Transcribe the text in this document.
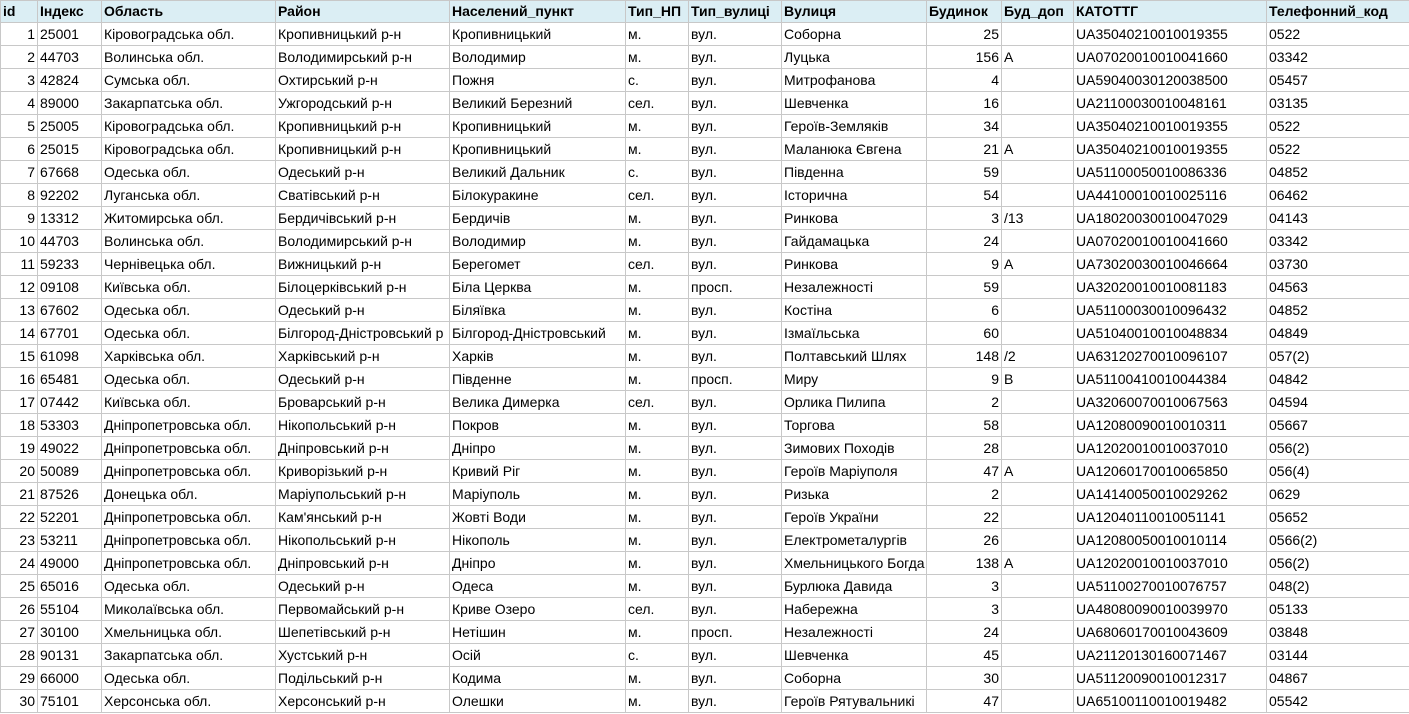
id	Індекс	Область	Район	Населений_пункт	Тип_НП	Тип_вулиці	Вулиця	Будинок	Буд_доп	КАТОТТГ	Телефонний_код
1	25001	Кіровоградська обл.	Кропивницький р-н	Кропивницький	м.	вул.	Соборна	25		UA35040210010019355	0522
2	44703	Волинська обл.	Володимирський р-н	Володимир	м.	вул.	Луцька	156	А	UA07020010010041660	03342
3	42824	Сумська обл.	Охтирський р-н	Пожня	с.	вул.	Митрофанова	4		UA59040030120038500	05457
4	89000	Закарпатська обл.	Ужгородський р-н	Великий Березний	сел.	вул.	Шевченка	16		UA21100030010048161	03135
5	25005	Кіровоградська обл.	Кропивницький р-н	Кропивницький	м.	вул.	Героїв-Земляків	34		UA35040210010019355	0522
6	25015	Кіровоградська обл.	Кропивницький р-н	Кропивницький	м.	вул.	Маланюка Євгена	21	А	UA35040210010019355	0522
7	67668	Одеська обл.	Одеський р-н	Великий Дальник	с.	вул.	Південна	59		UA51100050010086336	04852
8	92202	Луганська обл.	Сватівський р-н	Білокуракине	сел.	вул.	Історична	54		UA44100010010025116	06462
9	13312	Житомирська обл.	Бердичівський р-н	Бердичів	м.	вул.	Ринкова	3	/13	UA18020030010047029	04143
10	44703	Волинська обл.	Володимирський р-н	Володимир	м.	вул.	Гайдамацька	24		UA07020010010041660	03342
11	59233	Чернівецька обл.	Вижницький р-н	Берегомет	сел.	вул.	Ринкова	9	А	UA73020030010046664	03730
12	09108	Київська обл.	Білоцерківський р-н	Біла Церква	м.	просп.	Незалежності	59		UA32020010010081183	04563
13	67602	Одеська обл.	Одеський р-н	Біляївка	м.	вул.	Костіна	6		UA51100030010096432	04852
14	67701	Одеська обл.	Білгород-Дністровський р	Білгород-Дністровський	м.	вул.	Ізмаїльська	60		UA51040010010048834	04849
15	61098	Харківська обл.	Харківський р-н	Харків	м.	вул.	Полтавський Шлях	148	/2	UA63120270010096107	057(2)
16	65481	Одеська обл.	Одеський р-н	Південне	м.	просп.	Миру	9	В	UA51100410010044384	04842
17	07442	Київська обл.	Броварський р-н	Велика Димерка	сел.	вул.	Орлика Пилипа	2		UA32060070010067563	04594
18	53303	Дніпропетровська обл.	Нікопольський р-н	Покров	м.	вул.	Торгова	58		UA12080090010010311	05667
19	49022	Дніпропетровська обл.	Дніпровський р-н	Дніпро	м.	вул.	Зимових Походів	28		UA12020010010037010	056(2)
20	50089	Дніпропетровська обл.	Криворізький р-н	Кривий Ріг	м.	вул.	Героїв Маріуполя	47	А	UA12060170010065850	056(4)
21	87526	Донецька обл.	Маріупольський р-н	Маріуполь	м.	вул.	Ризька	2		UA14140050010029262	0629
22	52201	Дніпропетровська обл.	Кам'янський р-н	Жовті Води	м.	вул.	Героїв України	22		UA12040110010051141	05652
23	53211	Дніпропетровська обл.	Нікопольський р-н	Нікополь	м.	вул.	Електрометалургів	26		UA12080050010010114	0566(2)
24	49000	Дніпропетровська обл.	Дніпровський р-н	Дніпро	м.	вул.	Хмельницького Богда	138	А	UA12020010010037010	056(2)
25	65016	Одеська обл.	Одеський р-н	Одеса	м.	вул.	Бурлюка Давида	3		UA51100270010076757	048(2)
26	55104	Миколаївська обл.	Первомайський р-н	Криве Озеро	сел.	вул.	Набережна	3		UA48080090010039970	05133
27	30100	Хмельницька обл.	Шепетівський р-н	Нетішин	м.	просп.	Незалежності	24		UA68060170010043609	03848
28	90131	Закарпатська обл.	Хустський р-н	Осій	с.	вул.	Шевченка	45		UA21120130160071467	03144
29	66000	Одеська обл.	Подільський р-н	Кодима	м.	вул.	Соборна	30		UA51120090010012317	04867
30	75101	Херсонська обл.	Херсонський р-н	Олешки	м.	вул.	Героїв Рятувальникі	47		UA65100110010019482	05542
